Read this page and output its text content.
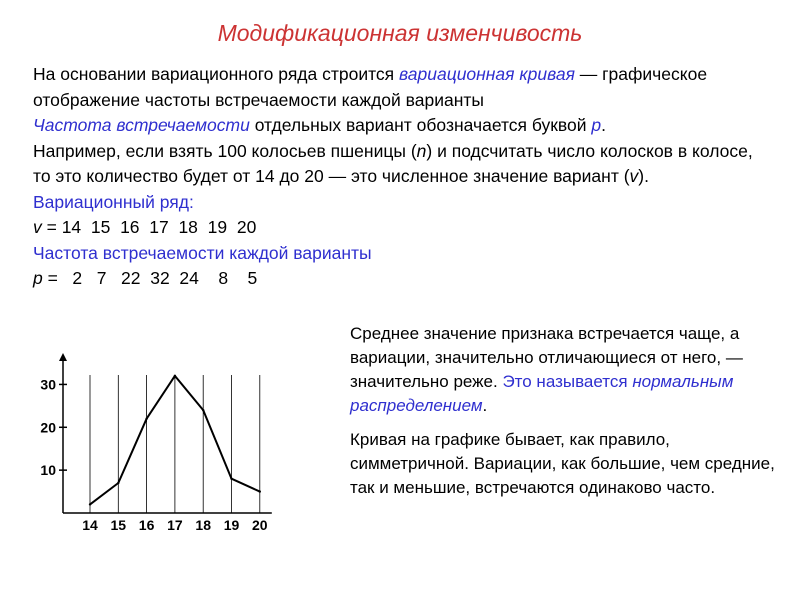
Модификационная изменчивость

На основании вариационного ряда строится вариационная кривая — графическое отображение частоты встречаемости каждой варианты

Частота встречаемости отдельных вариант обозначается буквой p.

Например, если взять 100 колосьев пшеницы (n) и подсчитать число колосков в колосе, то это количество будет от 14 до 20 — это численное значение вариант (v).

Вариационный ряд:

v = 14  15  16  17  18  19  20

Частота встречаемости каждой варианты

p =   2   7   22  32  24    8    5

Среднее значение признака встречается чаще, а вариации, значительно отличающиеся от него, — значительно реже. Это называется нормальным распределением.

Кривая на графике бывает, как правило, симметричной. Вариации, как большие, чем средние, так и меньшие, встречаются одинаково часто.

10
20
30
14 15 16 17 18 19 20
